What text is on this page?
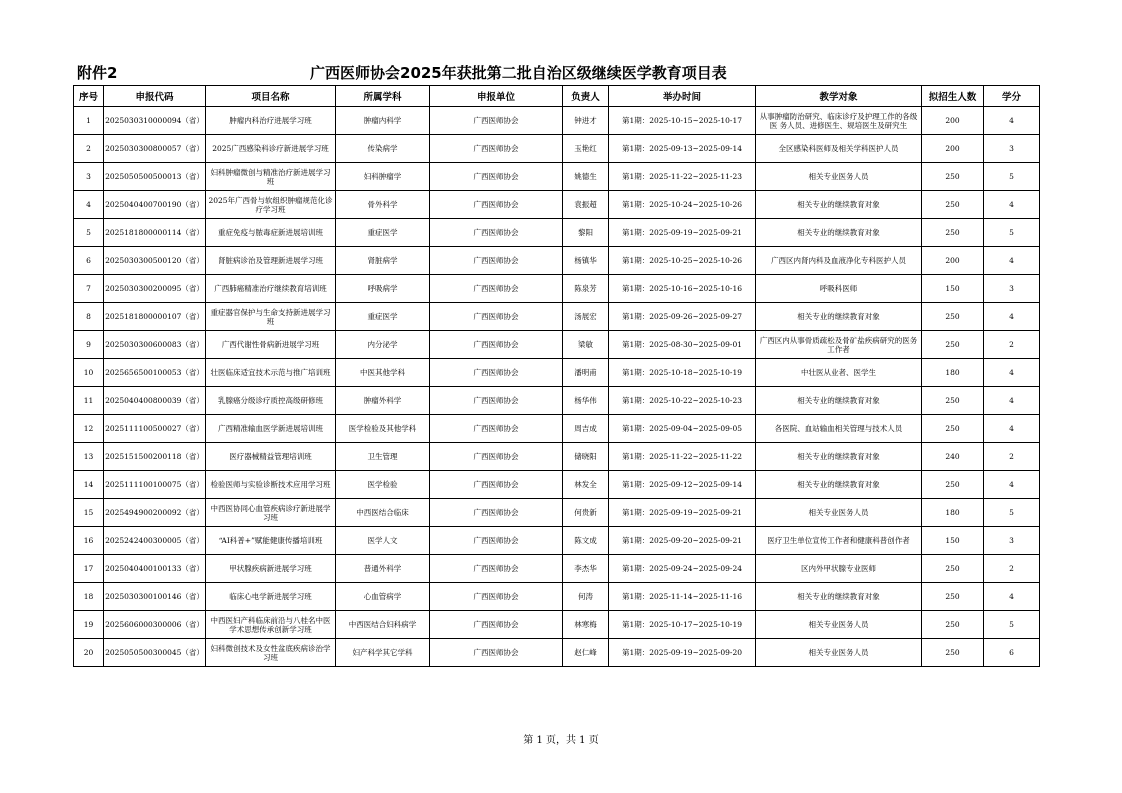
附件2	广西医师协会2025年获批第二批自治区级继续医学教育项目表
序号	申报代码	项目名称	所属学科	申报单位	负责人	举办时间	教学对象	拟招生人数	学分
1	2025030310000094（省）	肿瘤内科治疗进展学习班	肿瘤内科学	广西医师协会	钟进才	第1期：2025-10-15~2025-10-17	从事肿瘤防治研究、临床诊疗及护理工作的各级医 务人员、进修医生、规培医生及研究生	200	4
2	2025030300800057（省）	2025广西感染科诊疗新进展学习班	传染病学	广西医师协会	玉艳红	第1期：2025-09-13~2025-09-14	全区感染科医师及相关学科医护人员	200	3
3	2025050500500013（省）	妇科肿瘤微创与精准治疗新进展学习班	妇科肿瘤学	广西医师协会	姚德生	第1期：2025-11-22~2025-11-23	相关专业医务人员	250	5
4	2025040400700190（省）	2025年广西骨与软组织肿瘤规范化诊疗学习班	骨外科学	广西医师协会	袁振超	第1期：2025-10-24~2025-10-26	相关专业的继续教育对象	250	4
5	2025181800000114（省）	重症免疫与脓毒症新进展培训班	重症医学	广西医师协会	黎阳	第1期：2025-09-19~2025-09-21	相关专业的继续教育对象	250	5
6	2025030300500120（省）	肾脏病诊治及管理新进展学习班	肾脏病学	广西医师协会	杨镇华	第1期：2025-10-25~2025-10-26	广西区内肾内科及血液净化专科医护人员	200	4
7	2025030300200095（省）	广西肺癌精准治疗继续教育培训班	呼吸病学	广西医师协会	陈泉芳	第1期：2025-10-16~2025-10-16	呼吸科医师	150	3
8	2025181800000107（省）	重症器官保护与生命支持新进展学习班	重症医学	广西医师协会	汤展宏	第1期：2025-09-26~2025-09-27	相关专业的继续教育对象	250	4
9	2025030300600083（省）	广西代谢性骨病新进展学习班	内分泌学	广西医师协会	梁敏	第1期：2025-08-30~2025-09-01	广西区内从事骨质疏松及骨矿盐疾病研究的医务工作者	250	2
10	2025656500100053（省）	壮医临床适宜技术示范与推广培训班	中医其他学科	广西医师协会	潘明甫	第1期：2025-10-18~2025-10-19	中壮医从业者、医学生	180	4
11	2025040400800039（省）	乳腺癌分级诊疗质控高级研修班	肿瘤外科学	广西医师协会	杨华伟	第1期：2025-10-22~2025-10-23	相关专业的继续教育对象	250	4
12	2025111100500027（省）	广西精准输血医学新进展培训班	医学检验及其他学科	广西医师协会	周吉成	第1期：2025-09-04~2025-09-05	各医院、血站输血相关管理与技术人员	250	4
13	2025151500200118（省）	医疗器械精益管理培训班	卫生管理	广西医师协会	储晓阳	第1期：2025-11-22~2025-11-22	相关专业的继续教育对象	240	2
14	2025111100100075（省）	检验医师与实验诊断技术应用学习班	医学检验	广西医师协会	林发全	第1期：2025-09-12~2025-09-14	相关专业的继续教育对象	250	4
15	2025494900200092（省）	中西医协同心血管疾病诊疗新进展学习班	中西医结合临床	广西医师协会	何贵新	第1期：2025-09-19~2025-09-21	相关专业医务人员	180	5
16	2025242400300005（省）	“AI科普+”赋能健康传播培训班	医学人文	广西医师协会	陈文成	第1期：2025-09-20~2025-09-21	医疗卫生单位宣传工作者和健康科普创作者	150	3
17	2025040400100133（省）	甲状腺疾病新进展学习班	普通外科学	广西医师协会	李杰华	第1期：2025-09-24~2025-09-24	区内外甲状腺专业医师	250	2
18	2025030300100146（省）	临床心电学新进展学习班	心血管病学	广西医师协会	何涛	第1期：2025-11-14~2025-11-16	相关专业的继续教育对象	250	4
19	2025606000300006（省）	中西医妇产科临床前沿与八桂名中医学术思想传承创新学习班	中西医结合妇科病学	广西医师协会	林寒梅	第1期：2025-10-17~2025-10-19	相关专业医务人员	250	5
20	2025050500300045（省）	妇科微创技术及女性盆底疾病诊治学习班	妇产科学其它学科	广西医师协会	赵仁峰	第1期：2025-09-19~2025-09-20	相关专业医务人员	250	6
第 1 页，共 1 页
